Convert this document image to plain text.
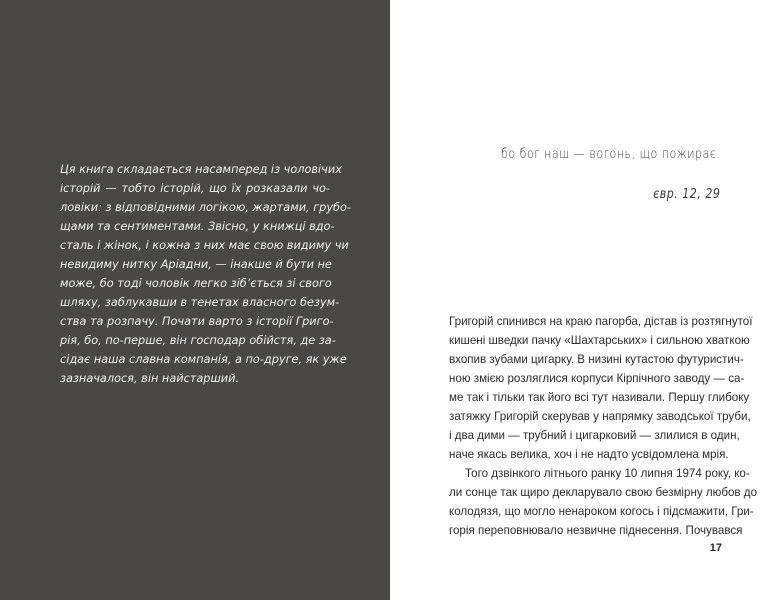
Ця книга складається насамперед із чоловічих
історій — тобто історій, що їх розказали чо-
ловіки: з відповідними логікою, жартами, грубо-
щами та сентиментами. Звісно, у книжці вдо-
сталь і жінок, і кожна з них має свою видиму чи
невидиму нитку Аріадни, — інакше й бути не
може, бо тоді чоловік легко зіб’ється зі свого
шляху, заблукавши в тенетах власного безум-
ства та розпачу. Почати варто з історії Григо-
рія, бо, по-перше, він господар обійстя, де за-
сідає наша славна компанія, а по-друге, як уже
зазначалося, він найстарший.

бо бог наш — вогонь, що пожирає.
євр. 12, 29
Григорій спинився на краю пагорба, дістав із розтягнутої
кишені шведки пачку «Шахтарських» і сильною хваткою
вхопив зубами цигарку. В низині кутастою футуристич-
ною змією розляглися корпуси Кірпічного заводу — са-
ме так і тільки так його всі тут називали. Першу глибоку
затяжку Григорій скерував у напрямку заводської труби,
і два дими — трубний і цигарковий — злилися в один,
наче якась велика, хоч і не надто усвідомлена мрія.
Того дзвінкого літнього ранку 10 липня 1974 року, ко-
ли сонце так щиро декларувало свою безмірну любов до
колодязя, що могло ненароком когось і підсмажити, Гри-
горія переповнювало незвичне піднесення. Почувався
17
